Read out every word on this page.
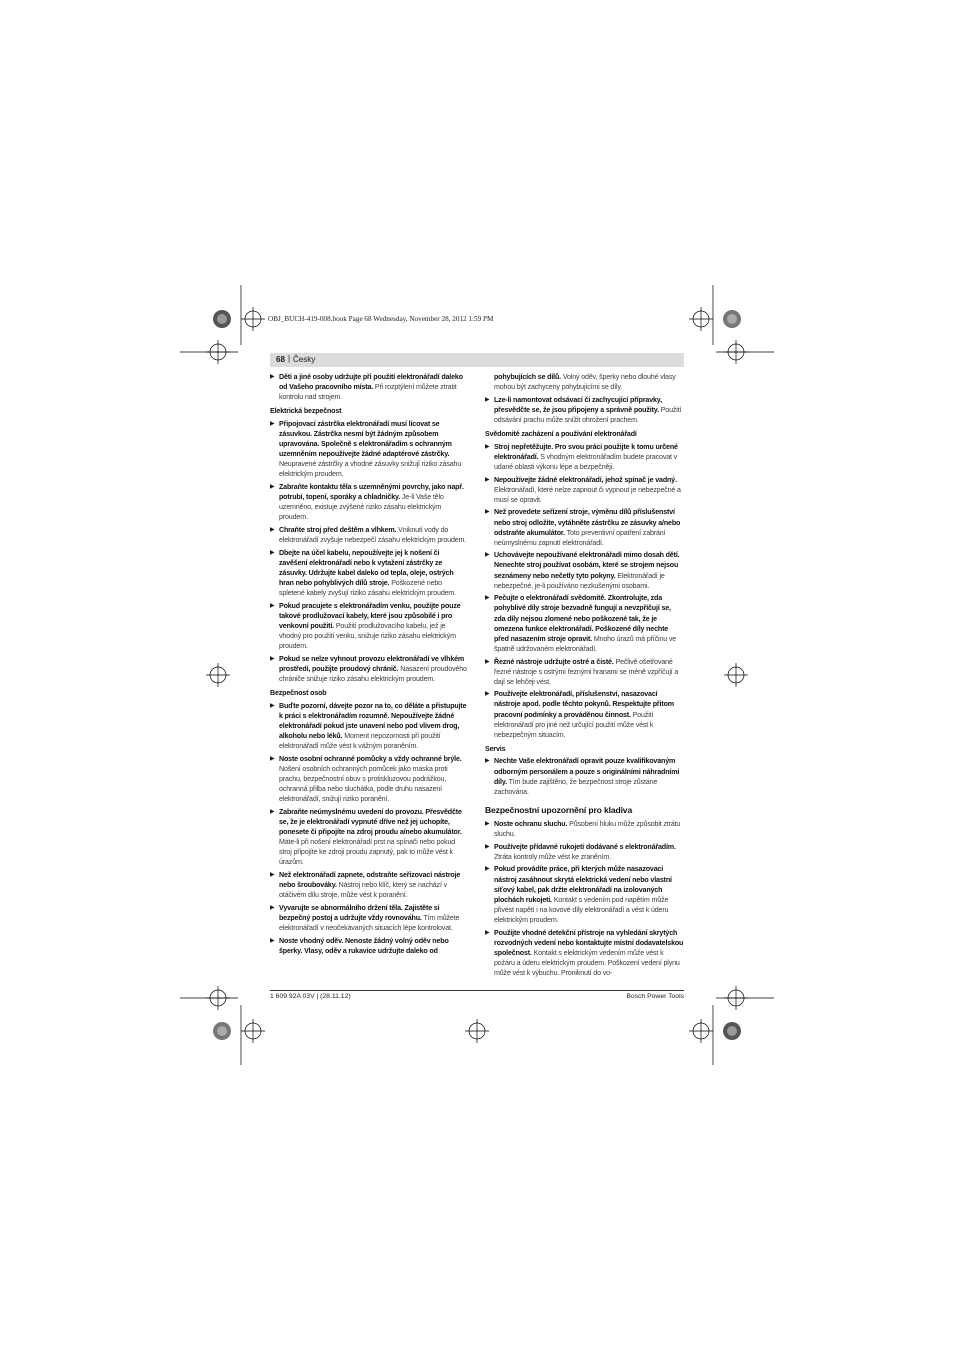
OBJ_BUCH-419-008.book Page 68 Wednesday, November 28, 2012 1:59 PM
68 | Česky
▶ Děti a jiné osoby udržujte při použití elektronářadí daleko od Vašeho pracovního místa. Při rozptýlení můžete ztratit kontrolu nad strojem.
Elektrická bezpečnost
▶ Připojovací zástrčka elektronářadí musí lícovat se zásuvkou. Zástrčka nesmí být žádným způsobem upravována. Společně s elektronářadím s ochranným uzemněním nepoužívejte žádné adaptérové zástrčky. Neupravené zástrčky a vhodné zásuvky snižují riziko zásahu elektrickým proudem.
▶ Zabraňte kontaktu těla s uzemněnými povrchy, jako např. potrubí, topení, sporáky a chladničky. Je-li Vaše tělo uzemněno, existuje zvýšené riziko zásahu elektrickým proudem.
▶ Chraňte stroj před deštěm a vlhkem. Vniknutí vody do elektronářadí zvyšuje nebezpečí zásahu elektrickým proudem.
▶ Dbejte na účel kabelu, nepoužívejte jej k nošení či zavěšení elektronářadí nebo k vytažení zástrčky ze zásuvky. Udržujte kabel daleko od tepla, oleje, ostrých hran nebo pohyblivých dílů stroje. Poškozené nebo spletené kabely zvyšují riziko zásahu elektrickým proudem.
▶ Pokud pracujete s elektronářadím venku, použijte pouze takové prodlužovací kabely, které jsou způsobilé i pro venkovní použití. Použití prodlužovacího kabelu, jež je vhodný pro použití venku, snižuje riziko zásahu elektrickým proudem.
▶ Pokud se nelze vyhnout provozu elektronářadí ve vlhkém prostředí, použijte proudový chránič. Nasazení proudového chrániče snižuje riziko zásahu elektrickým proudem.
Bezpečnost osob
▶ Buďte pozorní, dávejte pozor na to, co děláte a přistupujte k práci s elektronářadím rozumně. Nepoužívejte žádné elektronářadí pokud jste unavení nebo pod vlivem drog, alkoholu nebo léků. Moment nepozornosti při použití elektronářadí může vést k vážným poraněním.
▶ Noste osobní ochranné pomůcky a vždy ochranné brýle. Nošení osobních ochranných pomůcek jako maska proti prachu, bezpečnostní obuv s protiskluzovou podrážkou, ochranná přilba nebo sluchátka, podle druhu nasazení elektronářadí, snižují riziko poranění.
▶ Zabraňte neúmyslnému uvedení do provozu. Přesvědčte se, že je elektronářadí vypnuté dříve než jej uchopíte, ponesete či připojíte na zdroj proudu a/nebo akumulátor. Máte-li při nošení elektronářadí prst na spínači nebo pokud stroj připojíte ke zdroji proudu zapnutý, pak to může vést k úrazům.
▶ Než elektronářadí zapnete, odstraňte seřizovací nástroje nebo šroubováky. Nástroj nebo klíč, který se nachází v otáčivém dílu stroje, může vést k poranění.
▶ Vyvarujte se abnormálního držení těla. Zajistěte si bezpečný postoj a udržujte vždy rovnováhu. Tím můžete elektronářadí v neočekávaných situacích lépe kontrolovat.
▶ Noste vhodný oděv. Nenoste žádný volný oděv nebo šperky. Vlasy, oděv a rukavice udržujte daleko od
pohybujících se dílů. Volný oděv, šperky nebo dlouhé vlasy mohou být zachyceny pohybujícími se díly.
▶ Lze-li namontovat odsávací či zachycující přípravky, přesvědčte se, že jsou připojeny a správně použity. Použití odsávání prachu může snížit ohrožení prachem.
Svědomité zacházení a používání elektronářadí
▶ Stroj nepřetěžujte. Pro svou práci použijte k tomu určené elektronářadí. S vhodným elektronářadím budete pracovat v udané oblasti výkonu lépe a bezpečněji.
▶ Nepoužívejte žádné elektronářadí, jehož spínač je vadný. Elektronářadí, které nelze zapnout či vypnout je nebezpečné a musí se opravit.
▶ Než provedete seřízení stroje, výměnu dílů příslušenství nebo stroj odložíte, vytáhněte zástrčku ze zásuvky a/nebo odstraňte akumulátor. Toto preventivní opatření zabrání neúmyslnému zapnutí elektronářadí.
▶ Uchovávejte nepoužívané elektronářadí mimo dosah dětí. Nenechte stroj používat osobám, které se strojem nejsou seznámeny nebo nečetly tyto pokyny. Elektronářadí je nebezpečné, je-li používáno nezkušenými osobami.
▶ Pečujte o elektronářadí svědomitě. Zkontrolujte, zda pohyblivé díly stroje bezvadně fungují a nevzpříčují se, zda díly nejsou zlomené nebo poškozené tak, že je omezena funkce elektronářadí. Poškozené díly nechte před nasazením stroje opravit. Mnoho úrazů má příčinu ve špatně udržovaném elektronářadí.
▶ Řezné nástroje udržujte ostré a čisté. Pečlivě ošetřované řezné nástroje s ostrými řeznými hranami se méně vzpříčují a dají se lehčeji vést.
▶ Používejte elektronářadí, příslušenství, nasazovací nástroje apod. podle těchto pokynů. Respektujte přitom pracovní podmínky a prováděnou činnost. Použití elektronářadí pro jiné než určující použití může vést k nebezpečným situacím.
Servis
▶ Nechte Vaše elektronářadí opravit pouze kvalifikovaným odborným personálem a pouze s originálními náhradními díly. Tím bude zajištěno, že bezpečnost stroje zůstane zachována.
Bezpečnostní upozornění pro kladiva
▶ Noste ochranu sluchu. Působení hluku může způsobit ztrátu sluchu.
▶ Používejte přídavné rukojeti dodávané s elektronářadím. Ztráta kontroly může vést ke zraněním.
▶ Pokud provádíte práce, při kterých může nasazovací nástroj zasáhnout skrytá elektrická vedení nebo vlastní síťový kabel, pak držte elektronářadí na izolovaných plochách rukojeti. Kontakt s vedením pod napětím může přivést napětí i na kovové díly elektronářadí a vést k úderu elektrickým proudem.
▶ Použijte vhodné detekční přístroje na vyhledání skrytých rozvodných vedení nebo kontaktujte místní dodavatelskou společnost. Kontakt s elektrickým vedením může vést k požáru a úderu elektrickým proudem. Poškození vedení plynu může vést k výbuchu. Proniknutí do vo-
1 609 92A 03V | (28.11.12)	Bosch Power Tools
